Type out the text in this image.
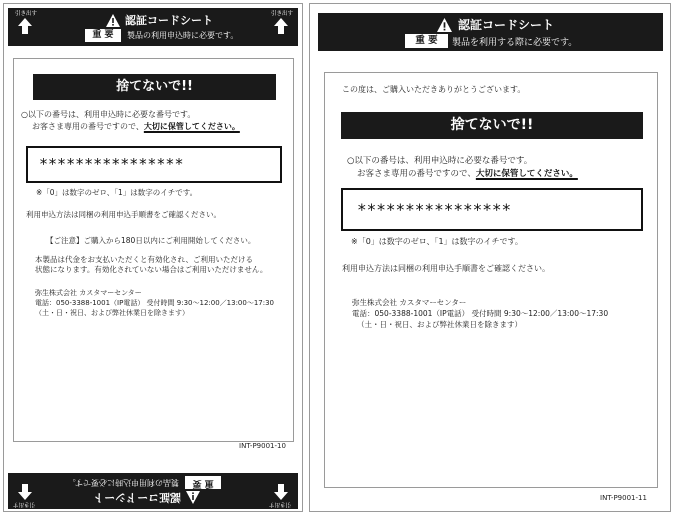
引き出す	認証コードシート
重 要	製品の利用申込時に必要です。
引き出す
捨てないで!!
○以下の番号は、利用申込時に必要な番号です。
お客さま専用の番号ですので、大切に保管してください。
****************
※「0」は数字のゼロ、「1」は数字のイチです。
利用申込方法は同梱の利用申込手順書をご確認ください。
【ご注意】ご購入から180日以内にご利用開始してください。
本製品は代金をお支払いただくと有効化され、ご利用いただける
状態になります。有効化されていない場合はご利用いただけません。
弥生株式会社 カスタマーセンター
電話：050-3388-1001（IP電話） 受付時間 9:30～12:00／13:00～17:30
（土・日・祝日、および弊社休業日を除きます）
INT-P9001-10
引き出す
認証コードシート
重 要
製品の利用申込時に必要です。
引き出す
認証コードシート
重 要	製品を利用する際に必要です。
この度は、ご購入いただきありがとうございます。
捨てないで!!
○以下の番号は、利用申込時に必要な番号です。
お客さま専用の番号ですので、大切に保管してください。
****************
※「0」は数字のゼロ、「1」は数字のイチです。
利用申込方法は同梱の利用申込手順書をご確認ください。
弥生株式会社 カスタマーセンター
電話：050-3388-1001（IP電話） 受付時間 9:30～12:00／13:00～17:30
（土・日・祝日、および弊社休業日を除きます）
INT-P9001-11
